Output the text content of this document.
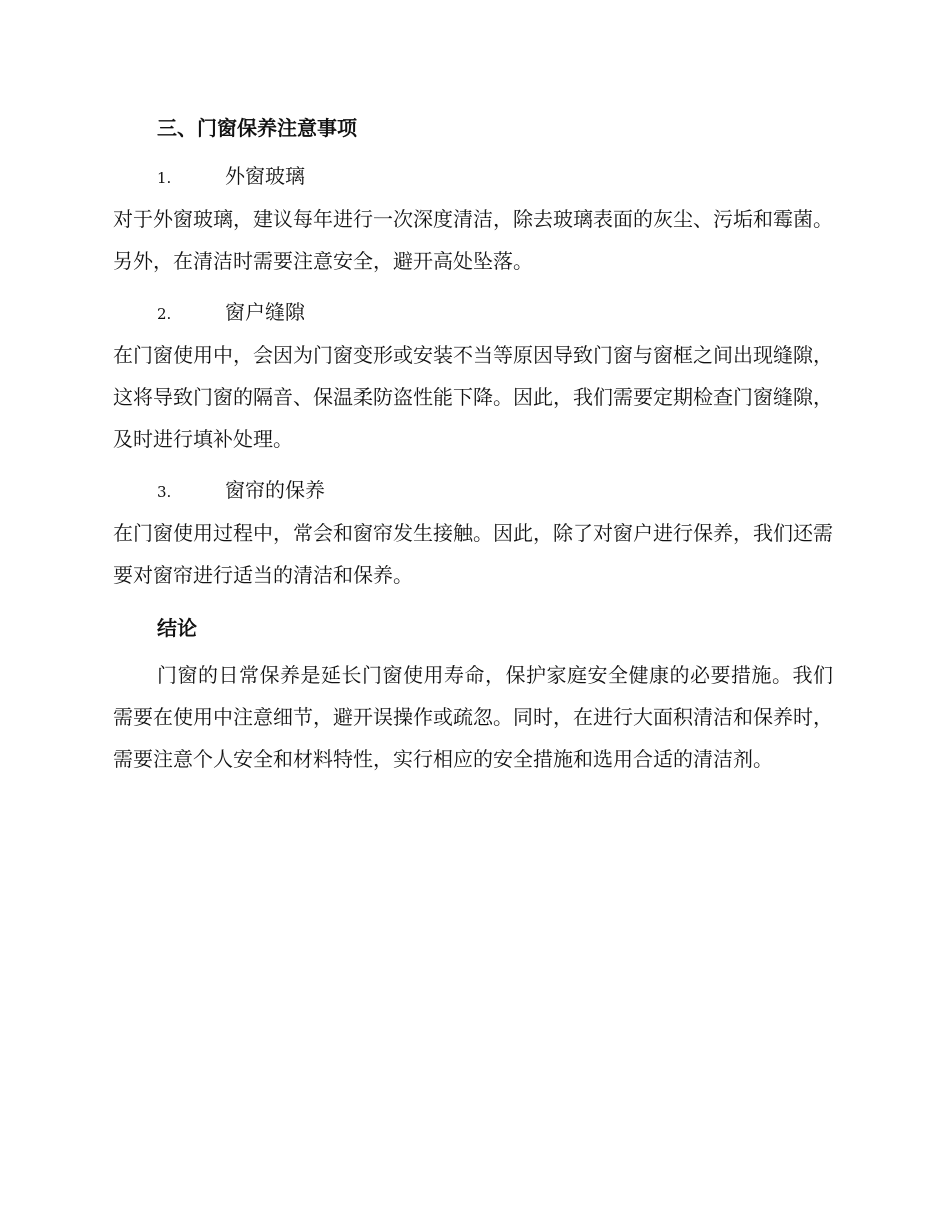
三、门窗保养注意事项
1.	外窗玻璃

对于外窗玻璃，建议每年进行一次深度清洁，除去玻璃表面的灰尘、污垢和霉菌。另外，在清洁时需要注意安全，避开高处坠落。

2.	窗户缝隙

在门窗使用中，会因为门窗变形或安装不当等原因导致门窗与窗框之间出现缝隙，这将导致门窗的隔音、保温柔防盗性能下降。因此，我们需要定期检查门窗缝隙，及时进行填补处理。

3.	窗帘的保养

在门窗使用过程中，常会和窗帘发生接触。因此，除了对窗户进行保养，我们还需要对窗帘进行适当的清洁和保养。

结论

门窗的日常保养是延长门窗使用寿命，保护家庭安全健康的必要措施。我们需要在使用中注意细节，避开误操作或疏忽。同时，在进行大面积清洁和保养时，需要注意个人安全和材料特性，实行相应的安全措施和选用合适的清洁剂。
